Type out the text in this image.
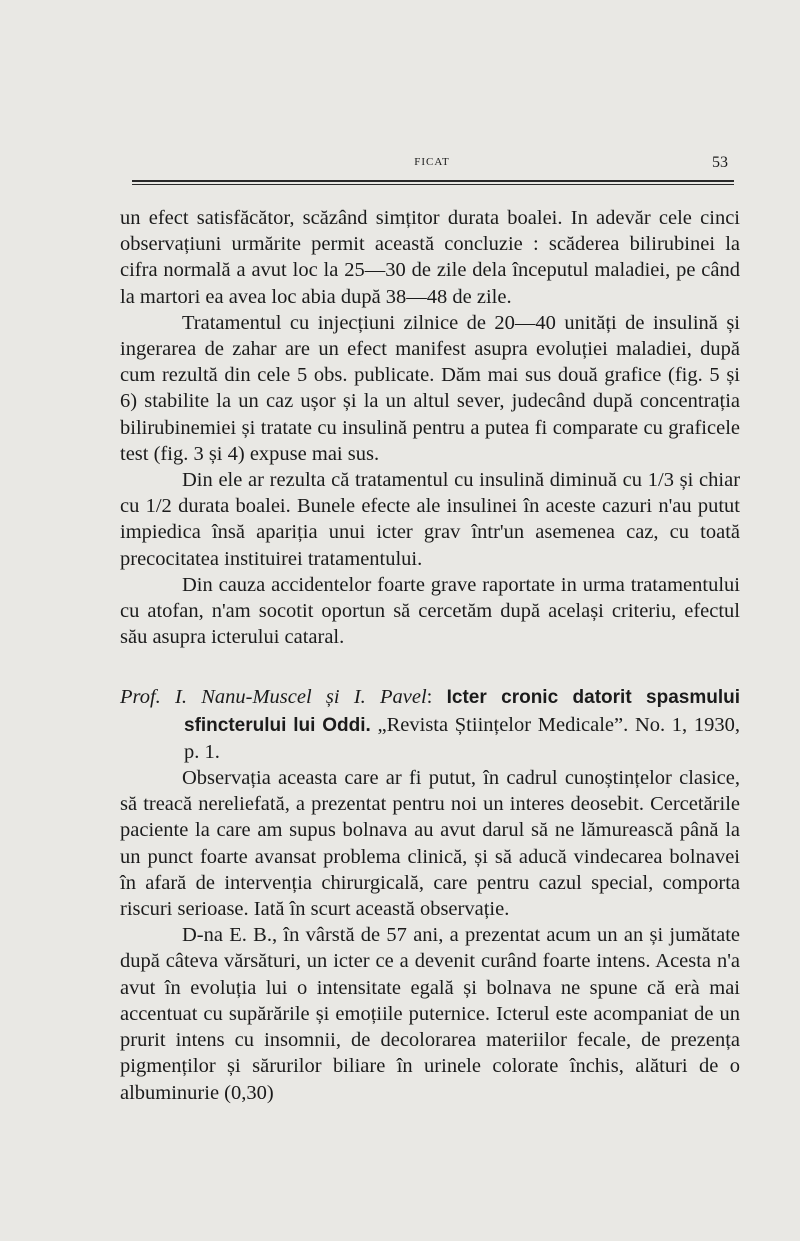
FICAT	53

un efect satisfăcător, scăzând simțitor durata boalei. In adevăr cele cinci observațiuni urmărite permit această concluzie : scăderea bilirubinei la cifra normală a avut loc la 25—30 de zile dela începutul maladiei, pe când la martori ea avea loc abia după 38—48 de zile.

Tratamentul cu injecțiuni zilnice de 20—40 unități de insulină și ingerarea de zahar are un efect manifest asupra evoluției maladiei, după cum rezultă din cele 5 obs. publicate. Dăm mai sus două grafice (fig. 5 și 6) stabilite la un caz ușor și la un altul sever, judecând după concentrația bilirubinemiei și tratate cu insulină pentru a putea fi comparate cu graficele test (fig. 3 și 4) expuse mai sus.

Din ele ar rezulta că tratamentul cu insulină diminuă cu 1/3 și chiar cu 1/2 durata boalei. Bunele efecte ale insulinei în aceste cazuri n'au putut impiedica însă apariția unui icter grav într'un asemenea caz, cu toată precocitatea instituirei tratamentului.

Din cauza accidentelor foarte grave raportate in urma tratamentului cu atofan, n'am socotit oportun să cercetăm după același criteriu, efectul său asupra icterului cataral.

Prof. I. Nanu-Muscel și I. Pavel: Icter cronic datorit spasmului sfincterului lui Oddi. „Revista Științelor Medicale”. No. 1, 1930, p. 1.

Observația aceasta care ar fi putut, în cadrul cunoștințelor clasice, să treacă nereliefată, a prezentat pentru noi un interes deosebit. Cercetările paciente la care am supus bolnava au avut darul să ne lămurească până la un punct foarte avansat problema clinică, și să aducă vindecarea bolnavei în afară de intervenția chirurgicală, care pentru cazul special, comporta riscuri serioase. Iată în scurt această observație.

D-na E. B., în vârstă de 57 ani, a prezentat acum un an și jumătate după câteva vărsături, un icter ce a devenit curând foarte intens. Acesta n'a avut în evoluția lui o intensitate egală și bolnava ne spune că erà mai accentuat cu supărările și emoțiile puternice. Icterul este acompaniat de un prurit intens cu insomnii, de decolorarea materiilor fecale, de prezența pigmenților și sărurilor biliare în urinele colorate închis, alături de o albuminurie (0,30)
